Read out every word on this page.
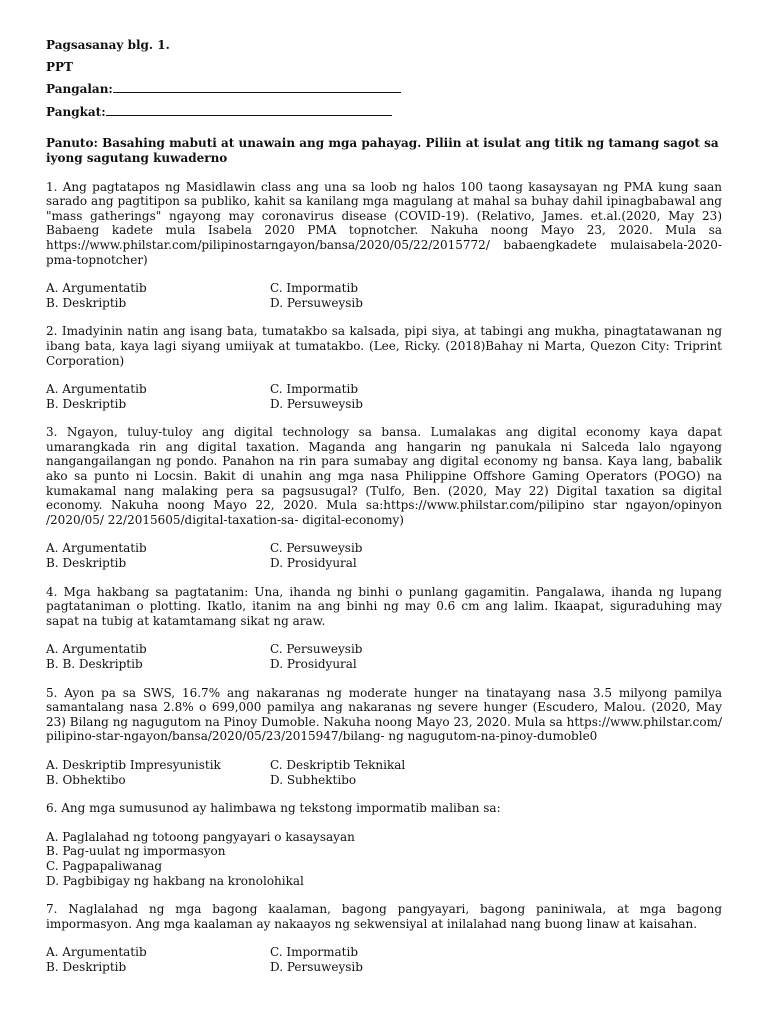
Pagsasanay blg. 1.

PPT

Pangalan:

Pangkat:

Panuto: Basahing mabuti at unawain ang mga pahayag. Piliin at isulat ang titik ng tamang sagot sa iyong sagutang kuwaderno

1. Ang pagtatapos ng Masidlawin class ang una sa loob ng halos 100 taong kasaysayan ng PMA kung saan sarado ang pagtitipon sa publiko, kahit sa kanilang mga magulang at mahal sa buhay dahil ipinagbabawal ang "mass gatherings" ngayong may coronavirus disease (COVID-19). (Relativo, James. et.al.(2020, May 23) Babaeng kadete mula Isabela 2020 PMA topnotcher. Nakuha noong Mayo 23, 2020. Mula sa https://www.philstar.com/pilipinostarngayon/bansa/2020/05/22/2015772/ babaengkadete mulaisabela-2020-pma-topnotcher)

A. Argumentatib	C. Impormatib
B. Deskriptib	D. Persuweysib

2. Imadyinin natin ang isang bata, tumatakbo sa kalsada, pipi siya, at tabingi ang mukha, pinagtatawanan ng ibang bata, kaya lagi siyang umiiyak at tumatakbo. (Lee, Ricky. (2018)Bahay ni Marta, Quezon City: Triprint Corporation)

A. Argumentatib	C. Impormatib
B. Deskriptib	D. Persuweysib

3. Ngayon, tuluy-tuloy ang digital technology sa bansa. Lumalakas ang digital economy kaya dapat umarangkada rin ang digital taxation. Maganda ang hangarin ng panukala ni Salceda lalo ngayong nangangailangan ng pondo. Panahon na rin para sumabay ang digital economy ng bansa. Kaya lang, babalik ako sa punto ni Locsin. Bakit di unahin ang mga nasa Philippine Offshore Gaming Operators (POGO) na kumakamal nang malaking pera sa pagsusugal? (Tulfo, Ben. (2020, May 22) Digital taxation sa digital economy. Nakuha noong Mayo 22, 2020. Mula sa:https://www.philstar.com/pilipino star ngayon/opinyon /2020/05/ 22/2015605/digital-taxation-sa- digital-economy)

A. Argumentatib	C. Persuweysib
B. Deskriptib	D. Prosidyural

4. Mga hakbang sa pagtatanim: Una, ihanda ng binhi o punlang gagamitin. Pangalawa, ihanda ng lupang pagtataniman o plotting. Ikatlo, itanim na ang binhi ng may 0.6 cm ang lalim. Ikaapat, siguraduhing may sapat na tubig at katamtamang sikat ng araw.

A. Argumentatib	C. Persuweysib
B. B. Deskriptib	D. Prosidyural

5. Ayon pa sa SWS, 16.7% ang nakaranas ng moderate hunger na tinatayang nasa 3.5 milyong pamilya samantalang nasa 2.8% o 699,000 pamilya ang nakaranas ng severe hunger (Escudero, Malou. (2020, May 23) Bilang ng nagugutom na Pinoy Dumoble. Nakuha noong Mayo 23, 2020. Mula sa https://www.philstar.com/ pilipino-star-ngayon/bansa/2020/05/23/2015947/bilang- ng nagugutom-na-pinoy-dumoble0

A. Deskriptib Impresyunistik	C. Deskriptib Teknikal
B. Obhektibo	D. Subhektibo

6. Ang mga sumusunod ay halimbawa ng tekstong impormatib maliban sa:

A. Paglalahad ng totoong pangyayari o kasaysayan
B. Pag-uulat ng impormasyon
C. Pagpapaliwanag
D. Pagbibigay ng hakbang na kronolohikal

7. Naglalahad ng mga bagong kaalaman, bagong pangyayari, bagong paniniwala, at mga bagong impormasyon. Ang mga kaalaman ay nakaayos ng sekwensiyal at inilalahad nang buong linaw at kaisahan.

A. Argumentatib	C. Impormatib
B. Deskriptib	D. Persuweysib
